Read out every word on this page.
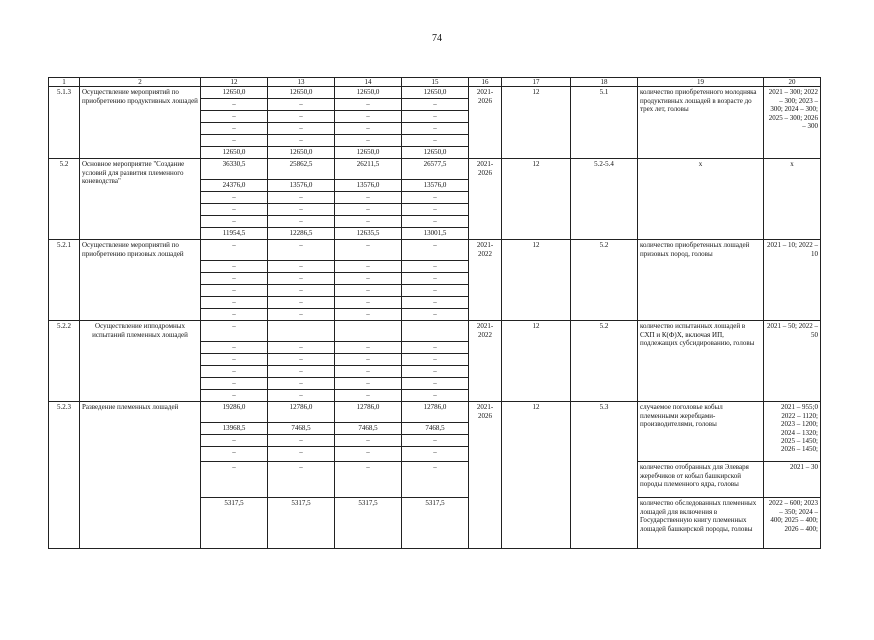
74
1	2	12	13	14	15	16	17	18	19	20
5.1.3	Осуществление мероприятий по приобретению продуктивных лошадей	12650,0	12650,0	12650,0	12650,0	2021-2026	12	5.1	количество приобретенного молодняка продуктивных лошадей в возрасте до трех лет, головы	2021 – 300; 2022 – 300; 2023 – 300; 2024 – 300; 2025 – 300; 2026 – 300
		–	–	–	–					
		–	–	–	–					
		–	–	–	–					
		–	–	–	–					
		12650,0	12650,0	12650,0	12650,0					
5.2	Основное мероприятие "Создание условий для развития племенного коневодства"	36330,5	25862,5	26211,5	26577,5	2021-2026	12	5.2-5.4	х	х
		24376,0	13576,0	13576,0	13576,0					
		–	–	–	–					
		–	–	–	–					
		–	–	–	–					
		11954,5	12286,5	12635,5	13001,5					
5.2.1	Осуществление мероприятий по приобретению призовых лошадей	–	–	–	–	2021-2022	12	5.2	количество приобретенных лошадей призовых пород, головы	2021 – 10; 2022 – 10
		–	–	–	–					
		–	–	–	–					
		–	–	–	–					
		–	–	–	–					
		–	–	–	–					
5.2.2	Осуществление ипподромных испытаний племенных лошадей	–				2021-2022	12	5.2	количество испытанных лошадей в СХП и К(Ф)Х, включая ИП, подлежащих субсидированию, головы	2021 – 50; 2022 – 50
		–	–	–	–					
		–	–	–	–					
		–	–	–	–					
		–	–	–	–					
		–	–	–	–					
5.2.3	Разведение племенных лошадей	19286,0	12786,0	12786,0	12786,0	2021-2026	12	5.3	случаемое поголовье кобыл племенными жеребцами-производителями, головы	2021 – 955;0 2022 – 1120; 2023 – 1200; 2024 – 1320; 2025 – 1450; 2026 – 1450;
		13968,5	7468,5	7468,5	7468,5					
		–	–	–	–					
		–	–	–	–					
		–	–	–	–				количество отобранных для Элеваря жеребчиков от кобыл башкирской породы племенного ядра, головы	2021 – 30
		5317,5	5317,5	5317,5	5317,5				количество обследованных племенных лошадей для включения в Государственную книгу племенных лошадей башкирской породы, головы	2022 – 600; 2023 – 350; 2024 – 400; 2025 – 400; 2026 – 400;
